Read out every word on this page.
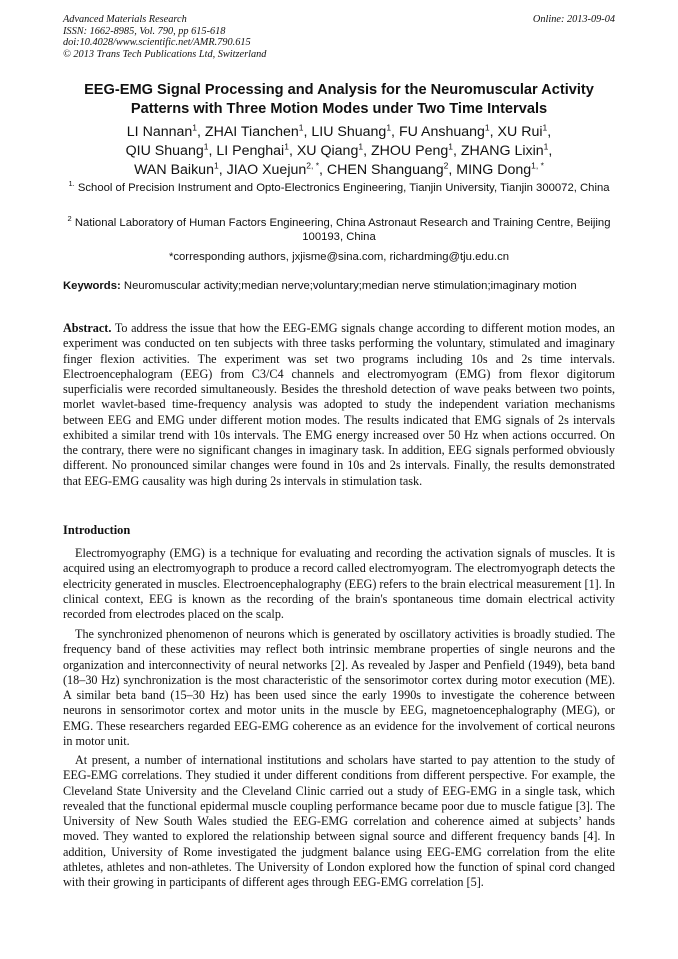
Advanced Materials Research
ISSN: 1662-8985, Vol. 790, pp 615-618
doi:10.4028/www.scientific.net/AMR.790.615
© 2013 Trans Tech Publications Ltd, Switzerland
Online: 2013-09-04
EEG-EMG Signal Processing and Analysis for the Neuromuscular Activity Patterns with Three Motion Modes under Two Time Intervals
LI Nannan$^1$, ZHAI Tianchen$^1$, LIU Shuang$^1$, FU Anshuang$^1$, XU Rui$^1$,
QIU Shuang$^1$, LI Penghai$^1$, XU Qiang$^1$, ZHOU Peng$^1$, ZHANG Lixin$^1$,
WAN Baikun$^1$, JIAO Xuejun$^{2, *}$, CHEN Shanguang$^2$, MING Dong$^{1, *}$
$^{1.}$ School of Precision Instrument and Opto-Electronics Engineering, Tianjin University, Tianjin 300072, China
$^2$ National Laboratory of Human Factors Engineering, China Astronaut Research and Training Centre, Beijing 100193, China
*corresponding authors, jxjisme@sina.com, richardming@tju.edu.cn
Keywords: Neuromuscular activity;median nerve;voluntary;median nerve stimulation;imaginary motion
Abstract. To address the issue that how the EEG-EMG signals change according to different motion modes, an experiment was conducted on ten subjects with three tasks performing the voluntary, stimulated and imaginary finger flexion activities. The experiment was set two programs including 10s and 2s time intervals. Electroencephalogram (EEG) from C3/C4 channels and electromyogram (EMG) from flexor digitorum superficialis were recorded simultaneously. Besides the threshold detection of wave peaks between two points, morlet wavlet-based time-frequency analysis was adopted to study the independent variation mechanisms between EEG and EMG under different motion modes. The results indicated that EMG signals of 2s intervals exhibited a similar trend with 10s intervals. The EMG energy increased over 50 Hz when actions occurred. On the contrary, there were no significant changes in imaginary task. In addition, EEG signals performed obviously different. No pronounced similar changes were found in 10s and 2s intervals. Finally, the results demonstrated that EEG-EMG causality was high during 2s intervals in stimulation task.
Introduction
Electromyography (EMG) is a technique for evaluating and recording the activation signals of muscles. It is acquired using an electromyograph to produce a record called electromyogram. The electromyograph detects the electricity generated in muscles. Electroencephalography (EEG) refers to the brain electrical measurement [1]. In clinical context, EEG is known as the recording of the brain's spontaneous time domain electrical activity recorded from electrodes placed on the scalp.
The synchronized phenomenon of neurons which is generated by oscillatory activities is broadly studied. The frequency band of these activities may reflect both intrinsic membrane properties of single neurons and the organization and interconnectivity of neural networks [2]. As revealed by Jasper and Penfield (1949), beta band (18–30 Hz) synchronization is the most characteristic of the sensorimotor cortex during motor execution (ME). A similar beta band (15–30 Hz) has been used since the early 1990s to investigate the coherence between neurons in sensorimotor cortex and motor units in the muscle by EEG, magnetoencephalography (MEG), or EMG. These researchers regarded EEG-EMG coherence as an evidence for the involvement of cortical neurons in motor unit.
At present, a number of international institutions and scholars have started to pay attention to the study of EEG-EMG correlations. They studied it under different conditions from different perspective. For example, the Cleveland State University and the Cleveland Clinic carried out a study of EEG-EMG in a single task, which revealed that the functional epidermal muscle coupling performance became poor due to muscle fatigue [3]. The University of New South Wales studied the EEG-EMG correlation and coherence aimed at subjects’ hands moved. They wanted to explored the relationship between signal source and different frequency bands [4]. In addition, University of Rome investigated the judgment balance using EEG-EMG correlation from the elite athletes, athletes and non-athletes. The University of London explored how the function of spinal cord changed with their growing in participants of different ages through EEG-EMG correlation [5].
